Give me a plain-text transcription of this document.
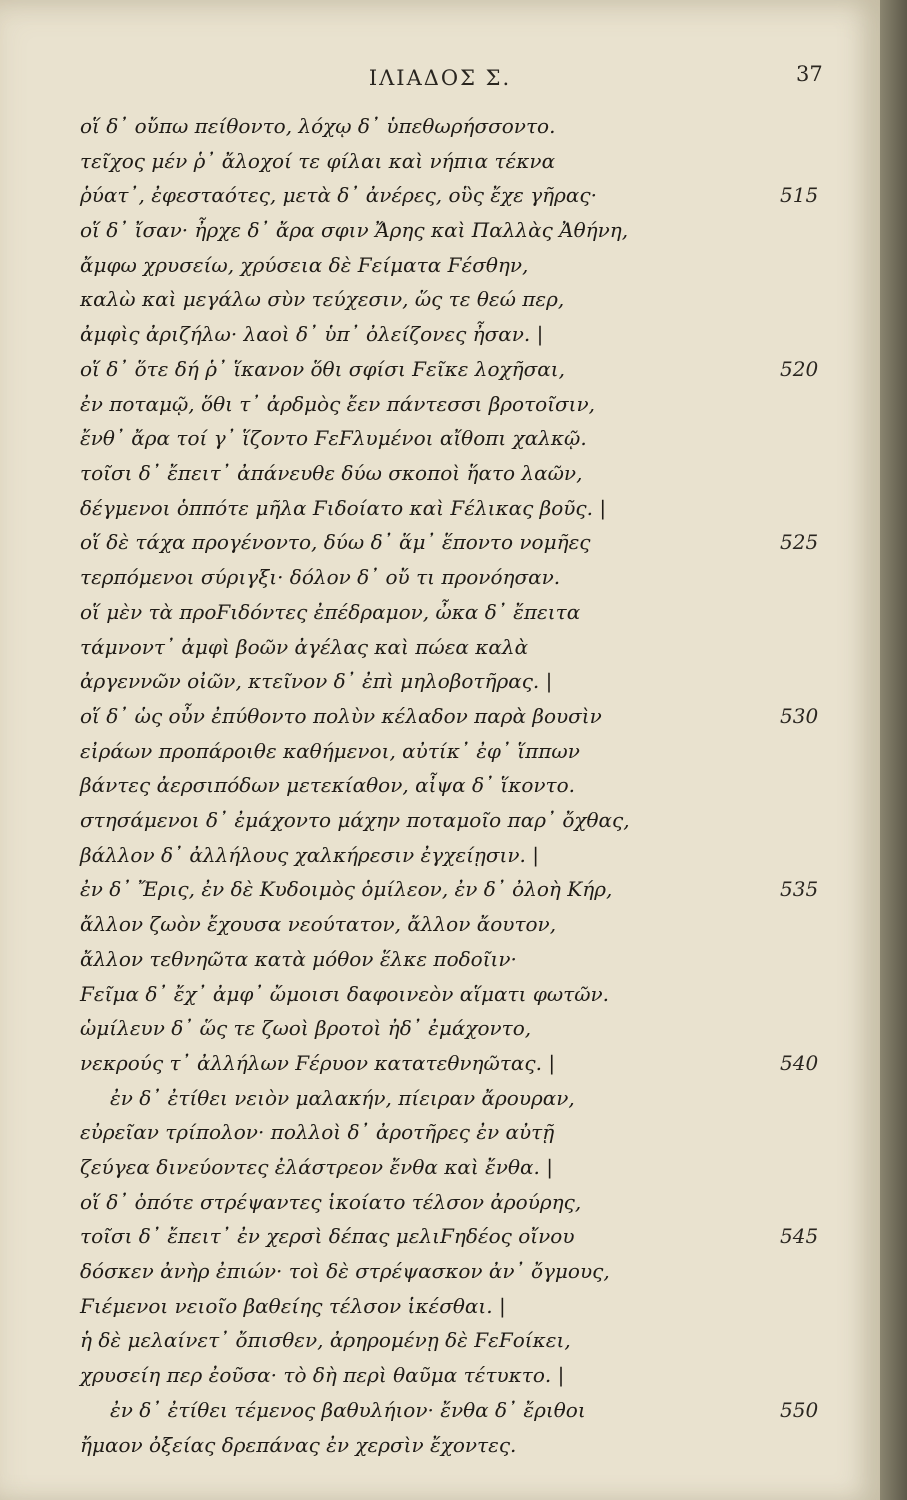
ΙΛΙΑΔΟΣ Σ.	37
οἵ δ᾽ οὔπω πείθοντο, λόχῳ δ᾽ ὑπεθωρήσσοντο.
τεῖχος μέν ῥ᾽ ἄλοχοί τε φίλαι καὶ νήπια τέκνα
ῥύατ᾽, ἐφεσταότες, μετὰ δ᾽ ἀνέρες, οὓς ἔχε γῆρας·
οἵ δ᾽ ἴσαν· ἦρχε δ᾽ ἄρα σφιν Ἄρης καὶ Παλλὰς Ἀθήνη,
ἄμφω χρυσείω, χρύσεια δὲ Ϝείματα Ϝέσθην,
καλὼ καὶ μεγάλω σὺν τεύχεσιν, ὥς τε θεώ περ,
ἀμφὶς ἀριζήλω· λαοὶ δ᾽ ὑπ᾽ ὀλείζονες ἦσαν. |
οἵ δ᾽ ὅτε δή ῥ᾽ ἵκανον ὅθι σφίσι Ϝεῖκε λοχῆσαι,
ἐν ποταμῷ, ὅθι τ᾽ ἀρδμὸς ἔεν πάντεσσι βροτοῖσιν,
ἔνθ᾽ ἄρα τοί γ᾽ ἵζοντο ϜεϜλυμένοι αἴθοπι χαλκῷ.
τοῖσι δ᾽ ἔπειτ᾽ ἀπάνευθε δύω σκοποὶ ἥατο λαῶν,
δέγμενοι ὁππότε μῆλα Ϝιδοίατο καὶ Ϝέλικας βοῦς. |
οἵ δὲ τάχα προγένοντο, δύω δ᾽ ἅμ᾽ ἕποντο νομῆες
τερπόμενοι σύριγξι· δόλον δ᾽ οὔ τι προνόησαν.
οἵ μὲν τὰ προϜιδόντες ἐπέδραμον, ὦκα δ᾽ ἔπειτα
τάμνοντ᾽ ἀμφὶ βοῶν ἀγέλας καὶ πώεα καλὰ
ἀργεννῶν οἰῶν, κτεῖνον δ᾽ ἐπὶ μηλοβοτῆρας. |
οἵ δ᾽ ὡς οὖν ἐπύθοντο πολὺν κέλαδον παρὰ βουσὶν
εἰράων προπάροιθε καθήμενοι, αὐτίκ᾽ ἐφ᾽ ἵππων
βάντες ἀερσιπόδων μετεκίαθον, αἶψα δ᾽ ἵκοντο.
στησάμενοι δ᾽ ἐμάχοντο μάχην ποταμοῖο παρ᾽ ὄχθας,
βάλλον δ᾽ ἀλλήλους χαλκήρεσιν ἐγχείῃσιν. |
ἐν δ᾽ Ἔρις, ἐν δὲ Κυδοιμὸς ὁμίλεον, ἐν δ᾽ ὀλοὴ Κήρ,
ἄλλον ζωὸν ἔχουσα νεούτατον, ἄλλον ἄουτον,
ἄλλον τεθνηῶτα κατὰ μόθον ἕλκε ποδοῖιν·
Ϝεῖμα δ᾽ ἔχ᾽ ἀμφ᾽ ὤμοισι δαφοινεὸν αἵματι φωτῶν.
ὡμίλευν δ᾽ ὥς τε ζωοὶ βροτοὶ ἠδ᾽ ἐμάχοντο,
νεκρούς τ᾽ ἀλλήλων Ϝέρυον κατατεθνηῶτας. |
ἐν δ᾽ ἐτίθει νειὸν μαλακήν, πίειραν ἄρουραν,
εὐρεῖαν τρίπολον· πολλοὶ δ᾽ ἀροτῆρες ἐν αὐτῇ
ζεύγεα δινεύοντες ἐλάστρεον ἔνθα καὶ ἔνθα. |
οἵ δ᾽ ὁπότε στρέψαντες ἱκοίατο τέλσον ἀρούρης,
τοῖσι δ᾽ ἔπειτ᾽ ἐν χερσὶ δέπας μελιϜηδέος οἴνου
δόσκεν ἀνὴρ ἐπιών· τοὶ δὲ στρέψασκον ἀν᾽ ὄγμους,
Ϝιέμενοι νειοῖο βαθείης τέλσον ἱκέσθαι. |
ἡ δὲ μελαίνετ᾽ ὄπισθεν, ἀρηρομένῃ δὲ ϜεϜοίκει,
χρυσείη περ ἐοῦσα· τὸ δὴ περὶ θαῦμα τέτυκτο. |
ἐν δ᾽ ἐτίθει τέμενος βαθυλήιον· ἔνθα δ᾽ ἔριθοι
ἤμαον ὀξείας δρεπάνας ἐν χερσὶν ἔχοντες.
515
520
525
530
535
540
545
550
